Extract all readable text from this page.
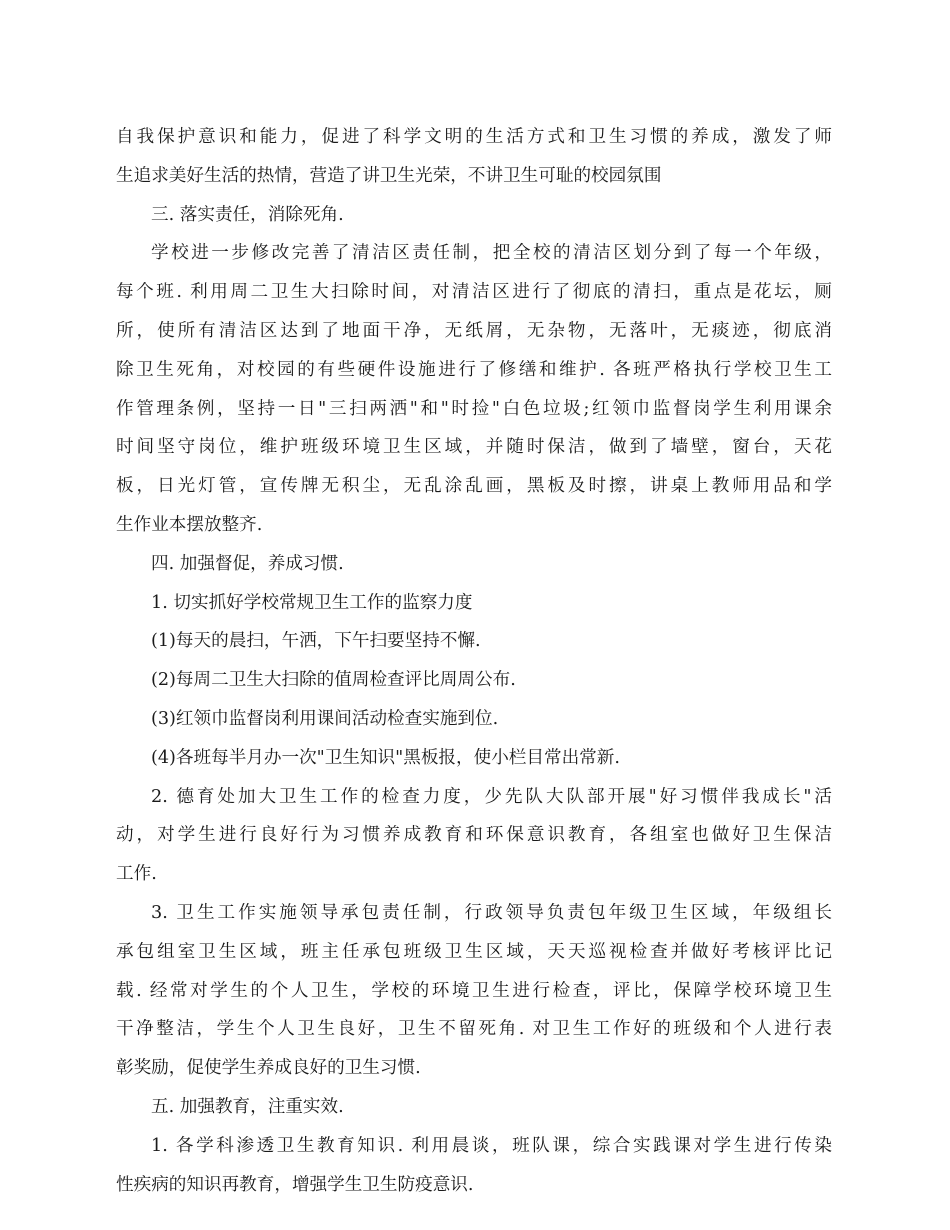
自我保护意识和能力，促进了科学文明的生活方式和卫生习惯的养成，激发了师
生追求美好生活的热情，营造了讲卫生光荣，不讲卫生可耻的校园氛围
三. 落实责任，消除死角.
学校进一步修改完善了清洁区责任制，把全校的清洁区划分到了每一个年级，
每个班. 利用周二卫生大扫除时间，对清洁区进行了彻底的清扫，重点是花坛，厕
所，使所有清洁区达到了地面干净，无纸屑，无杂物，无落叶，无痰迹，彻底消
除卫生死角，对校园的有些硬件设施进行了修缮和维护. 各班严格执行学校卫生工
作管理条例，坚持一日"三扫两洒"和"时捡"白色垃圾;红领巾监督岗学生利用课余
时间坚守岗位，维护班级环境卫生区域，并随时保洁，做到了墙壁，窗台，天花
板，日光灯管，宣传牌无积尘，无乱涂乱画，黑板及时擦，讲桌上教师用品和学
生作业本摆放整齐.
四. 加强督促，养成习惯.
1. 切实抓好学校常规卫生工作的监察力度
(1)每天的晨扫，午洒，下午扫要坚持不懈.
(2)每周二卫生大扫除的值周检查评比周周公布.
(3)红领巾监督岗利用课间活动检查实施到位.
(4)各班每半月办一次"卫生知识"黑板报，使小栏目常出常新.
2. 德育处加大卫生工作的检查力度，少先队大队部开展"好习惯伴我成长"活
动，对学生进行良好行为习惯养成教育和环保意识教育，各组室也做好卫生保洁
工作.
3. 卫生工作实施领导承包责任制，行政领导负责包年级卫生区域，年级组长
承包组室卫生区域，班主任承包班级卫生区域，天天巡视检查并做好考核评比记
载. 经常对学生的个人卫生，学校的环境卫生进行检查，评比，保障学校环境卫生
干净整洁，学生个人卫生良好，卫生不留死角. 对卫生工作好的班级和个人进行表
彰奖励，促使学生养成良好的卫生习惯.
五. 加强教育，注重实效.
1. 各学科渗透卫生教育知识. 利用晨谈，班队课，综合实践课对学生进行传染
性疾病的知识再教育，增强学生卫生防疫意识.
